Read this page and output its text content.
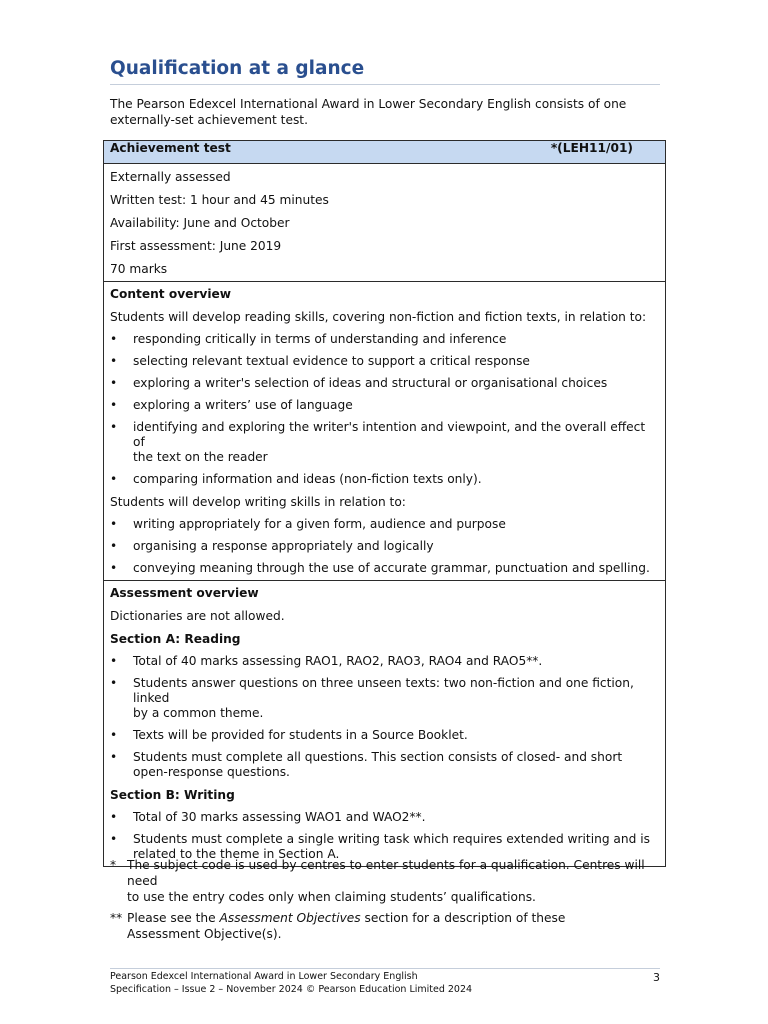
Qualification at a glance

The Pearson Edexcel International Award in Lower Secondary English consists of one
externally-set achievement test.

Achievement test	*(LEH11/01)

Externally assessed

Written test: 1 hour and 45 minutes

Availability: June and October

First assessment: June 2019

70 marks

Content overview

Students will develop reading skills, covering non-fiction and fiction texts, in relation to:

• responding critically in terms of understanding and inference
• selecting relevant textual evidence to support a critical response
• exploring a writer's selection of ideas and structural or organisational choices
• exploring a writers’ use of language
• identifying and exploring the writer's intention and viewpoint, and the overall effect of
the text on the reader
• comparing information and ideas (non-fiction texts only).

Students will develop writing skills in relation to:

• writing appropriately for a given form, audience and purpose
• organising a response appropriately and logically
• conveying meaning through the use of accurate grammar, punctuation and spelling.

Assessment overview

Dictionaries are not allowed.

Section A: Reading

• Total of 40 marks assessing RAO1, RAO2, RAO3, RAO4 and RAO5**.
• Students answer questions on three unseen texts: two non-fiction and one fiction, linked
by a common theme.
• Texts will be provided for students in a Source Booklet.
• Students must complete all questions. This section consists of closed- and short
open-response questions.

Section B: Writing

• Total of 30 marks assessing WAO1 and WAO2**.
• Students must complete a single writing task which requires extended writing and is
related to the theme in Section A.
* The subject code is used by centres to enter students for a qualification. Centres will need
to use the entry codes only when claiming students’ qualifications.
** Please see the Assessment Objectives section for a description of these
Assessment Objective(s).
Pearson Edexcel International Award in Lower Secondary English
Specification – Issue 2 – November 2024 © Pearson Education Limited 2024
3
